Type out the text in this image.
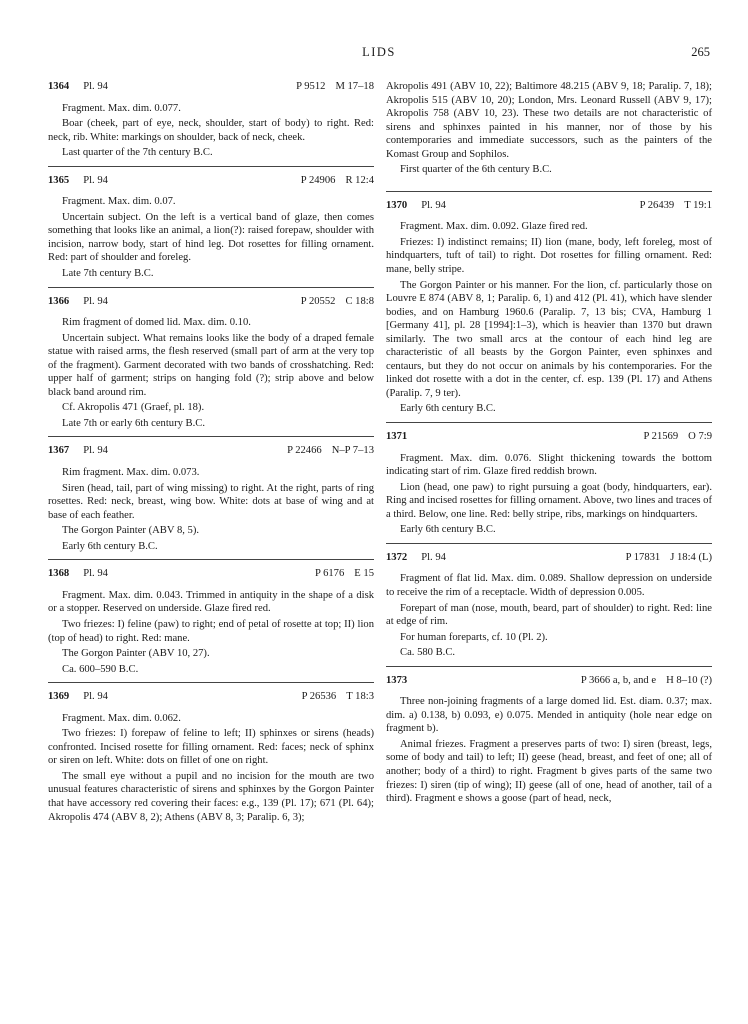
LIDS	265
1364 Pl. 94	P 9512 M 17–18

Fragment. Max. dim. 0.077.

Boar (cheek, part of eye, neck, shoulder, start of body) to right. Red: neck, rib. White: markings on shoulder, back of neck, cheek.

Last quarter of the 7th century B.C.

1365 Pl. 94	P 24906 R 12:4

Fragment. Max. dim. 0.07.

Uncertain subject. On the left is a vertical band of glaze, then comes something that looks like an animal, a lion(?): raised forepaw, shoulder with incision, narrow body, start of hind leg. Dot rosettes for filling ornament. Red: part of shoulder and foreleg.

Late 7th century B.C.

1366 Pl. 94	P 20552 C 18:8

Rim fragment of domed lid. Max. dim. 0.10.

Uncertain subject. What remains looks like the body of a draped female statue with raised arms, the flesh reserved (small part of arm at the very top of the fragment). Garment decorated with two bands of crosshatching. Red: upper half of garment; strips on hanging fold (?); strip above and below black band around rim.

Cf. Akropolis 471 (Graef, pl. 18).

Late 7th or early 6th century B.C.

1367 Pl. 94	P 22466 N–P 7–13

Rim fragment. Max. dim. 0.073.

Siren (head, tail, part of wing missing) to right. At the right, parts of ring rosettes. Red: neck, breast, wing bow. White: dots at base of wing and at base of each feather.

The Gorgon Painter (ABV 8, 5).

Early 6th century B.C.

1368 Pl. 94	P 6176 E 15

Fragment. Max. dim. 0.043. Trimmed in antiquity in the shape of a disk or a stopper. Reserved on underside. Glaze fired red.

Two friezes: I) feline (paw) to right; end of petal of rosette at top; II) lion (top of head) to right. Red: mane.

The Gorgon Painter (ABV 10, 27).

Ca. 600–590 B.C.

1369 Pl. 94	P 26536 T 18:3

Fragment. Max. dim. 0.062.

Two friezes: I) forepaw of feline to left; II) sphinxes or sirens (heads) confronted. Incised rosette for filling ornament. Red: faces; neck of sphinx or siren on left. White: dots on fillet of one on right.

The small eye without a pupil and no incision for the mouth are two unusual features characteristic of sirens and sphinxes by the Gorgon Painter that have accessory red covering their faces: e.g., 139 (Pl. 17); 671 (Pl. 64); Akropolis 474 (ABV 8, 2); Athens (ABV 8, 3; Paralip. 6, 3);

Akropolis 491 (ABV 10, 22); Baltimore 48.215 (ABV 9, 18; Paralip. 7, 18); Akropolis 515 (ABV 10, 20); London, Mrs. Leonard Russell (ABV 9, 17); Akropolis 758 (ABV 10, 23). These two details are not characteristic of sirens and sphinxes painted in his manner, nor of those by his contemporaries and immediate successors, such as the painters of the Komast Group and Sophilos.

First quarter of the 6th century B.C.

1370 Pl. 94	P 26439 T 19:1

Fragment. Max. dim. 0.092. Glaze fired red.

Friezes: I) indistinct remains; II) lion (mane, body, left foreleg, most of hindquarters, tuft of tail) to right. Dot rosettes for filling ornament. Red: mane, belly stripe.

The Gorgon Painter or his manner. For the lion, cf. particularly those on Louvre E 874 (ABV 8, 1; Paralip. 6, 1) and 412 (Pl. 41), which have slender bodies, and on Hamburg 1960.6 (Paralip. 7, 13 bis; CVA, Hamburg 1 [Germany 41], pl. 28 [1994]:1–3), which is heavier than 1370 but drawn similarly. The two small arcs at the contour of each hind leg are characteristic of all beasts by the Gorgon Painter, even sphinxes and centaurs, but they do not occur on animals by his contemporaries. For the linked dot rosette with a dot in the center, cf. esp. 139 (Pl. 17) and Athens (Paralip. 7, 9 ter).

Early 6th century B.C.

1371	P 21569 O 7:9

Fragment. Max. dim. 0.076. Slight thickening towards the bottom indicating start of rim. Glaze fired reddish brown.

Lion (head, one paw) to right pursuing a goat (body, hindquarters, ear). Ring and incised rosettes for filling ornament. Above, two lines and traces of a third. Below, one line. Red: belly stripe, ribs, markings on hindquarters.

Early 6th century B.C.

1372 Pl. 94	P 17831 J 18:4 (L)

Fragment of flat lid. Max. dim. 0.089. Shallow depression on underside to receive the rim of a receptacle. Width of depression 0.005.

Forepart of man (nose, mouth, beard, part of shoulder) to right. Red: line at edge of rim.

For human foreparts, cf. 10 (Pl. 2).

Ca. 580 B.C.

1373	P 3666 a, b, and e H 8–10 (?)

Three non-joining fragments of a large domed lid. Est. diam. 0.37; max. dim. a) 0.138, b) 0.093, e) 0.075. Mended in antiquity (hole near edge on fragment b).

Animal friezes. Fragment a preserves parts of two: I) siren (breast, legs, some of body and tail) to left; II) geese (head, breast, and feet of one; all of another; body of a third) to right. Fragment b gives parts of the same two friezes: I) siren (tip of wing); II) geese (all of one, head of another, tail of a third). Fragment e shows a goose (part of head, neck,
